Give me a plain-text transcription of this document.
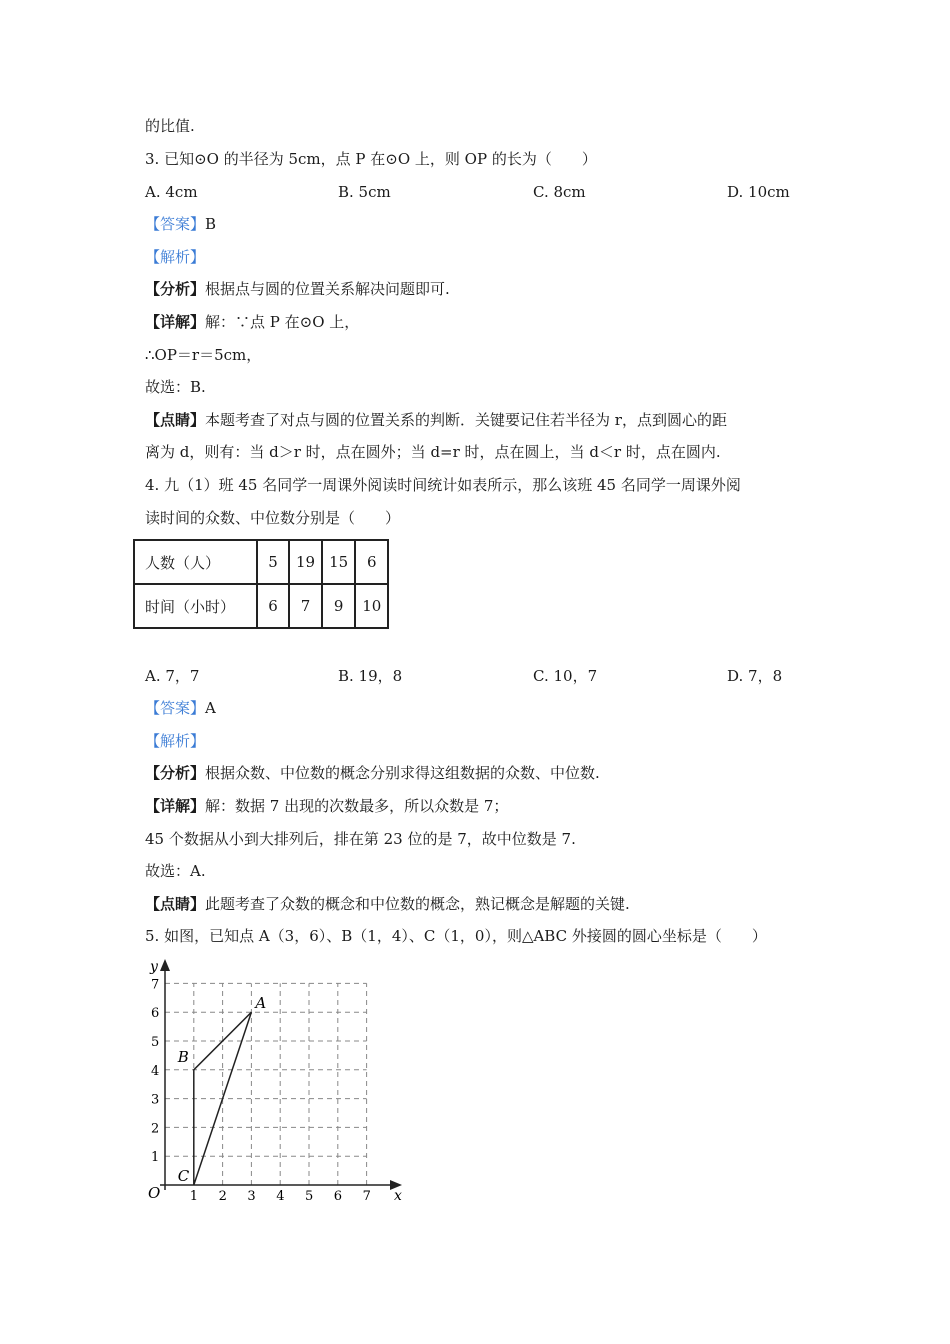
的比值.
3. 已知⊙O 的半径为 5cm，点 P 在⊙O 上，则 OP 的长为（　　）
A. 4cm	B. 5cm	C. 8cm	D. 10cm
【答案】B
【解析】
【分析】根据点与圆的位置关系解决问题即可.
【详解】解：∵点 P 在⊙O 上，
∴OP＝r＝5cm，
故选：B.
【点睛】本题考查了对点与圆的位置关系的判断．关键要记住若半径为 r，点到圆心的距
离为 d，则有：当 d＞r 时，点在圆外；当 d=r 时，点在圆上，当 d＜r 时，点在圆内.
4. 九（1）班 45 名同学一周课外阅读时间统计如表所示，那么该班 45 名同学一周课外阅
读时间的众数、中位数分别是（　　）
人数（人）	5	19	15	6
时间（小时）	6	7	9	10
A. 7，7	B. 19，8	C. 10，7	D. 7，8
【答案】A
【解析】
【分析】根据众数、中位数的概念分别求得这组数据的众数、中位数.
【详解】解：数据 7 出现的次数最多，所以众数是 7；
45 个数据从小到大排列后，排在第 23 位的是 7，故中位数是 7.
故选：A.
【点睛】此题考查了众数的概念和中位数的概念，熟记概念是解题的关键.
5. 如图，已知点 A（3，6）、B（1，4）、C（1，0），则△ABC 外接圆的圆心坐标是（　　）
x
y
O 1 2 3 4 5 6 7
1
2
3
4
5
6
7
A
B
C
